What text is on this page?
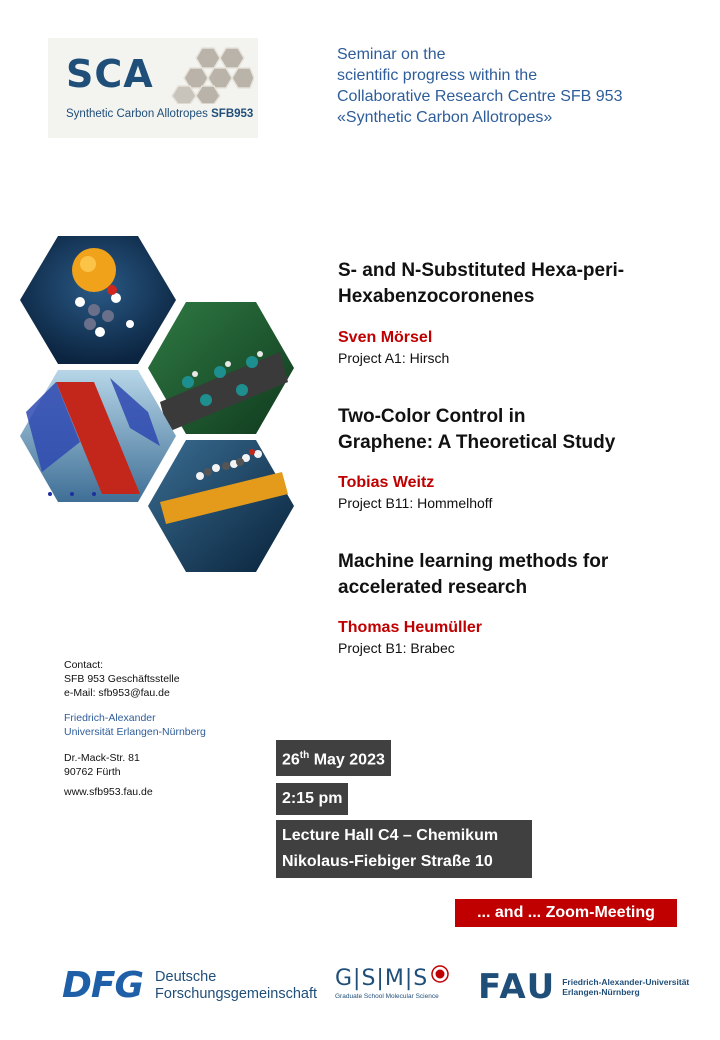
SCA
Synthetic Carbon Allotropes SFB953
Seminar on the
scientific progress within the
Collaborative Research Centre SFB 953
«Synthetic Carbon Allotropes»
S- and N-Substituted Hexa-peri-
Hexabenzocoronenes
Sven Mörsel
Project A1: Hirsch
Two-Color Control in
Graphene: A Theoretical Study
Tobias Weitz
Project B11: Hommelhoff
Machine learning methods for
accelerated research
Thomas Heumüller
Project B1: Brabec
Contact:
SFB 953 Geschäftsstelle
e-Mail: sfb953@fau.de
Friedrich-Alexander
Universität Erlangen-Nürnberg
Dr.-Mack-Str. 81
90762 Fürth
www.sfb953.fau.de
26th May 2023
2:15 pm
Lecture Hall C4 – Chemikum
Nikolaus-Fiebiger Straße 10
... and ... Zoom-Meeting
DFG Deutsche
Forschungsgemeinschaft
G|S|M|S
Graduate School Molecular Science	FAU Friedrich-Alexander-Universität
Erlangen-Nürnberg
